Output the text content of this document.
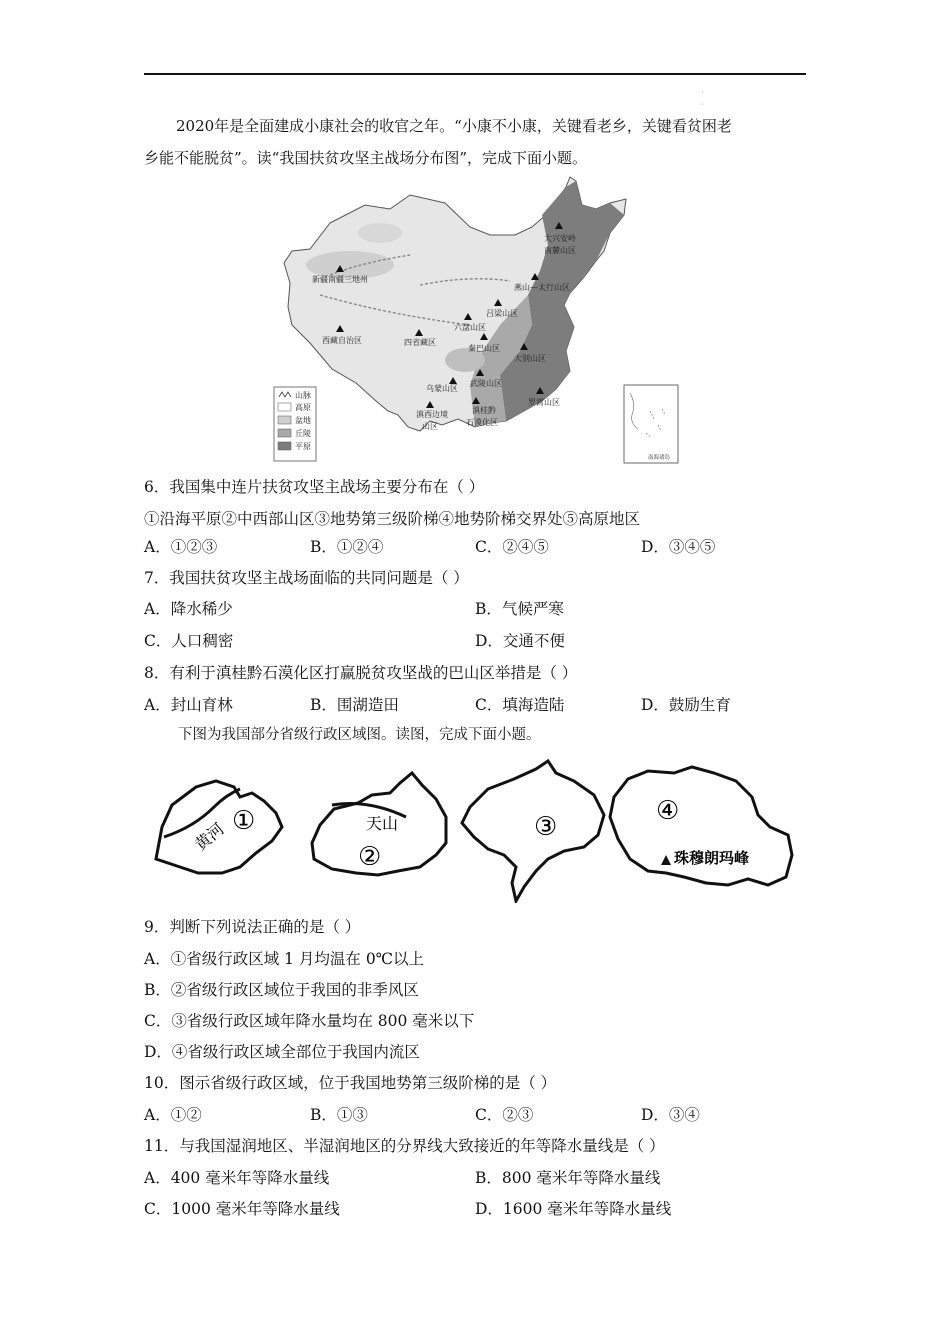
·
·
2020年是全面建成小康社会的收官之年。“小康不小康，关键看老乡，关键看贫困老
乡能不能脱贫”。读“我国扶贫攻坚主战场分布图”，完成下面小题。
新疆南疆三地州
西藏自治区	四省藏区
六盘山区
吕梁山区
燕山—太行山区
大兴安岭
南麓山区
秦巴山区
大别山区
武陵山区
乌蒙山区
罗霄山区
滇西边境
山区
滇桂黔
石漠化区
山脉
高原
盆地
丘陵
平原
南海诸岛
6．我国集中连片扶贫攻坚主战场主要分布在（ ）
①沿海平原②中西部山区③地势第三级阶梯④地势阶梯交界处⑤高原地区
A．①②③	B．①②④	C．②④⑤	D．③④⑤
7．我国扶贫攻坚主战场面临的共同问题是（ ）
A．降水稀少	B．气候严寒
C．人口稠密	D．交通不便
8．有利于滇桂黔石漠化区打赢脱贫攻坚战的巴山区举措是（ ）
A．封山育林	B．围湖造田	C．填海造陆	D．鼓励生育
下图为我国部分省级行政区域图。读图，完成下面小题。
黄河 ①	天山
②
③
④
珠穆朗玛峰
9．判断下列说法正确的是（ ）
A．①省级行政区域 1 月均温在 0℃以上
B．②省级行政区域位于我国的非季风区
C．③省级行政区域年降水量均在 800 毫米以下
D．④省级行政区域全部位于我国内流区
10．图示省级行政区域，位于我国地势第三级阶梯的是（ ）
A．①②	B．①③	C．②③	D．③④
11．与我国湿润地区、半湿润地区的分界线大致接近的年等降水量线是（ ）
A．400 毫米年等降水量线	B．800 毫米年等降水量线
C．1000 毫米年等降水量线	D．1600 毫米年等降水量线
